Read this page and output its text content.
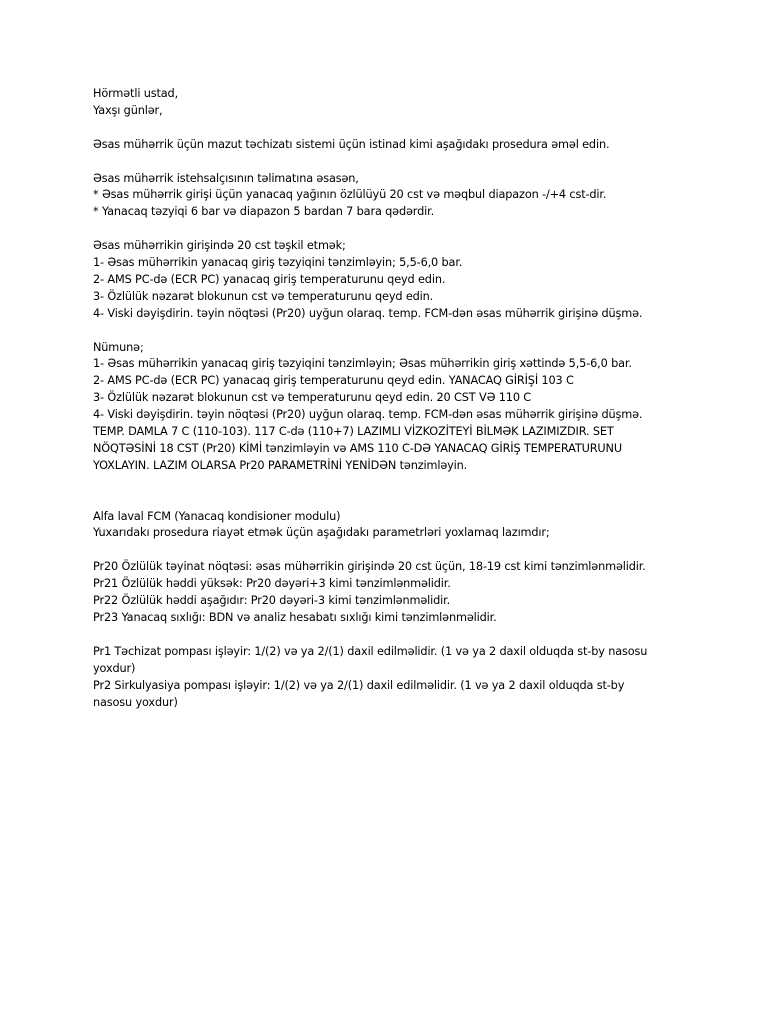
Hörmətli ustad,
Yaxşı günlər,
Əsas mühərrik üçün mazut təchizatı sistemi üçün istinad kimi aşağıdakı prosedura əməl edin.
Əsas mühərrik istehsalçısının təlimatına əsasən,
* Əsas mühərrik girişi üçün yanacaq yağının özlülüyü 20 cst və məqbul diapazon -/+4 cst-dir.
* Yanacaq təzyiqi 6 bar və diapazon 5 bardan 7 bara qədərdir.
Əsas mühərrikin girişində 20 cst təşkil etmək;
1- Əsas mühərrikin yanacaq giriş təzyiqini tənzimləyin; 5,5-6,0 bar.
2- AMS PC-də (ECR PC) yanacaq giriş temperaturunu qeyd edin.
3- Özlülük nəzarət blokunun cst və temperaturunu qeyd edin.
4- Viski dəyişdirin. təyin nöqtəsi (Pr20) uyğun olaraq. temp. FCM-dən əsas mühərrik girişinə düşmə.
Nümunə;
1- Əsas mühərrikin yanacaq giriş təzyiqini tənzimləyin; Əsas mühərrikin giriş xəttində 5,5-6,0 bar.
2- AMS PC-də (ECR PC) yanacaq giriş temperaturunu qeyd edin. YANACAQ GİRİŞİ 103 C
3- Özlülük nəzarət blokunun cst və temperaturunu qeyd edin. 20 CST VƏ 110 C
4- Viski dəyişdirin. təyin nöqtəsi (Pr20) uyğun olaraq. temp. FCM-dən əsas mühərrik girişinə düşmə.
TEMP. DAMLA 7 C (110-103). 117 C-də (110+7) LAZIMLI VİZKOZİTEYİ BİLMƏK LAZIMIZDIR. SET
NÖQTƏSİNİ 18 CST (Pr20) KİMİ tənzimləyin və AMS 110 C-DƏ YANACAQ GİRİŞ TEMPERATURUNU
YOXLAYIN. LAZIM OLARSA Pr20 PARAMETRİNİ YENİDƏN tənzimləyin.
Alfa laval FCM (Yanacaq kondisioner modulu)
Yuxarıdakı prosedura riayət etmək üçün aşağıdakı parametrləri yoxlamaq lazımdır;
Pr20 Özlülük təyinat nöqtəsi: əsas mühərrikin girişində 20 cst üçün, 18-19 cst kimi tənzimlənməlidir.
Pr21 Özlülük həddi yüksək: Pr20 dəyəri+3 kimi tənzimlənməlidir.
Pr22 Özlülük həddi aşağıdır: Pr20 dəyəri-3 kimi tənzimlənməlidir.
Pr23 Yanacaq sıxlığı: BDN və analiz hesabatı sıxlığı kimi tənzimlənməlidir.
Pr1 Təchizat pompası işləyir: 1/(2) və ya 2/(1) daxil edilməlidir. (1 və ya 2 daxil olduqda st-by nasosu
yoxdur)
Pr2 Sirkulyasiya pompası işləyir: 1/(2) və ya 2/(1) daxil edilməlidir. (1 və ya 2 daxil olduqda st-by
nasosu yoxdur)
